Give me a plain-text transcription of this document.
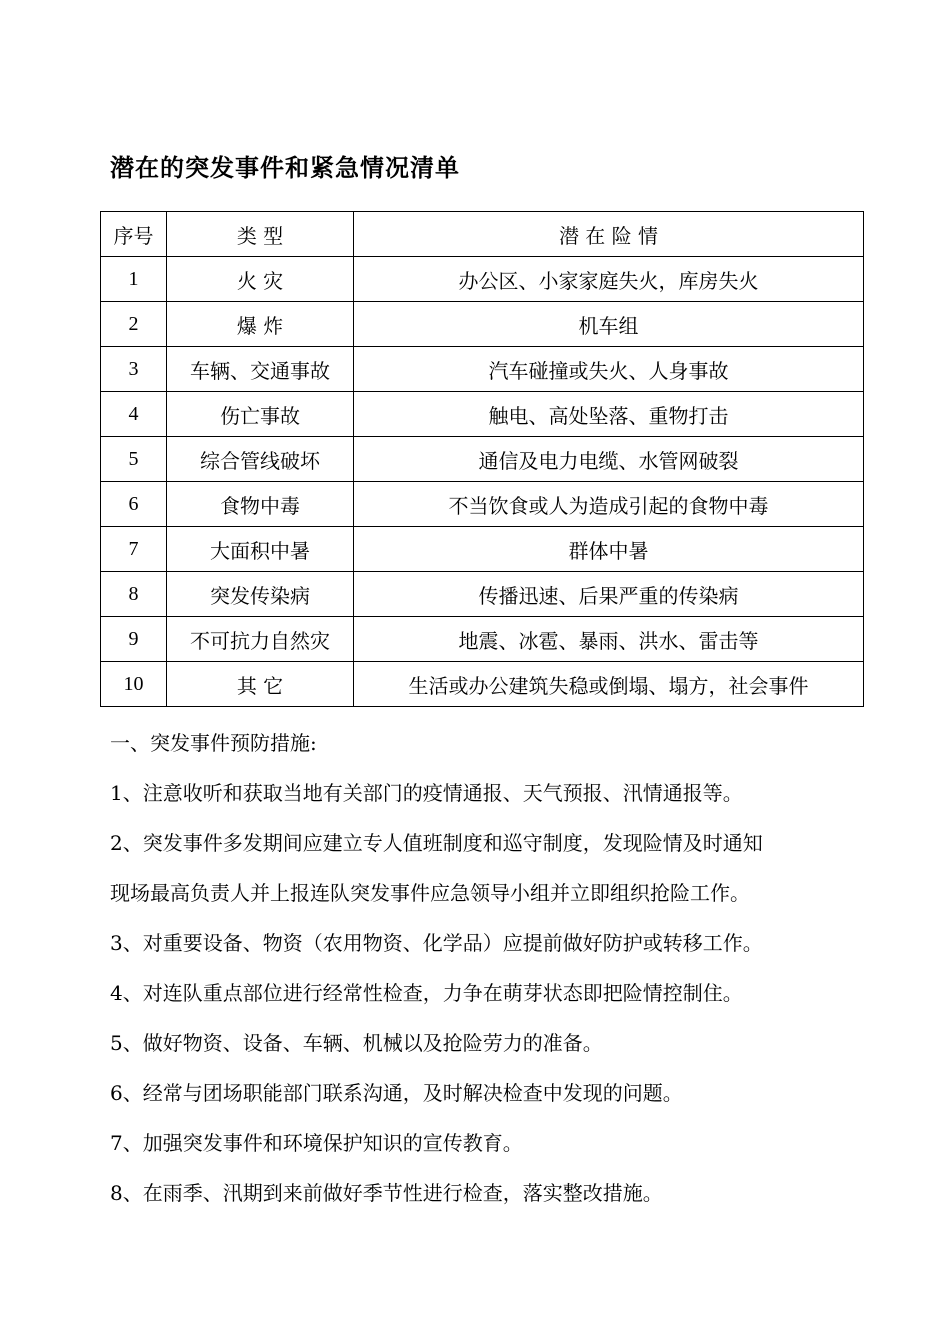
潜在的突发事件和紧急情况清单
序号	类 型	潜 在 险 情
1	火 灾	办公区、小家家庭失火，库房失火
2	爆 炸	机车组
3	车辆、交通事故	汽车碰撞或失火、人身事故
4	伤亡事故	触电、高处坠落、重物打击
5	综合管线破坏	通信及电力电缆、水管网破裂
6	食物中毒	不当饮食或人为造成引起的食物中毒
7	大面积中暑	群体中暑
8	突发传染病	传播迅速、后果严重的传染病
9	不可抗力自然灾	地震、冰雹、暴雨、洪水、雷击等
10	其 它	生活或办公建筑失稳或倒塌、塌方，社会事件

一、突发事件预防措施:

1、注意收听和获取当地有关部门的疫情通报、天气预报、汛情通报等。

2、突发事件多发期间应建立专人值班制度和巡守制度，发现险情及时通知

现场最高负责人并上报连队突发事件应急领导小组并立即组织抢险工作。

3、对重要设备、物资（农用物资、化学品）应提前做好防护或转移工作。

4、对连队重点部位进行经常性检查，力争在萌芽状态即把险情控制住。

5、做好物资、设备、车辆、机械以及抢险劳力的准备。

6、经常与团场职能部门联系沟通，及时解决检查中发现的问题。

7、加强突发事件和环境保护知识的宣传教育。

8、在雨季、汛期到来前做好季节性进行检查，落实整改措施。
